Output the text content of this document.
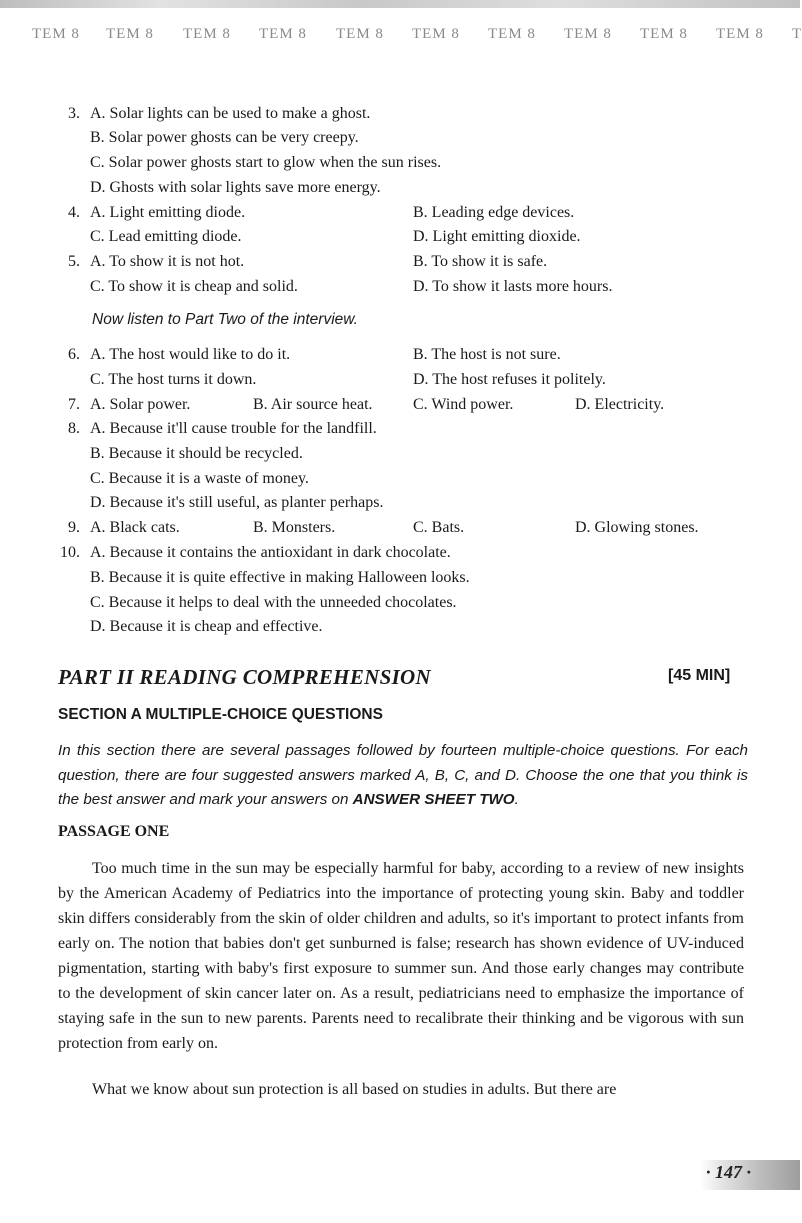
TEM 8 TEM 8 TEM 8 TEM 8 TEM 8 TEM 8 TEM 8 TEM 8 TEM 8 TEM 8 T
3. A. Solar lights can be used to make a ghost.
B. Solar power ghosts can be very creepy.
C. Solar power ghosts start to glow when the sun rises.
D. Ghosts with solar lights save more energy.
4. A. Light emitting diode.	B. Leading edge devices.
C. Lead emitting diode.	D. Light emitting dioxide.
5. A. To show it is not hot.	B. To show it is safe.
C. To show it is cheap and solid.	D. To show it lasts more hours.
Now listen to Part Two of the interview.
6. A. The host would like to do it.	B. The host is not sure.
C. The host turns it down.	D. The host refuses it politely.
7. A. Solar power.	B. Air source heat.	C. Wind power.	D. Electricity.
8. A. Because it'll cause trouble for the landfill.
B. Because it should be recycled.
C. Because it is a waste of money.
D. Because it's still useful, as planter perhaps.
9. A. Black cats.	B. Monsters.	C. Bats.	D. Glowing stones.
10. A. Because it contains the antioxidant in dark chocolate.
B. Because it is quite effective in making Halloween looks.
C. Because it helps to deal with the unneeded chocolates.
D. Because it is cheap and effective.
PART II READING COMPREHENSION	[45 MIN]
SECTION A MULTIPLE-CHOICE QUESTIONS
In this section there are several passages followed by fourteen multiple-choice questions. For each question, there are four suggested answers marked A, B, C, and D. Choose the one that you think is the best answer and mark your answers on ANSWER SHEET TWO.
PASSAGE ONE

Too much time in the sun may be especially harmful for baby, according to a review of new insights by the American Academy of Pediatrics into the importance of protecting young skin. Baby and toddler skin differs considerably from the skin of older children and adults, so it's important to protect infants from early on. The notion that babies don't get sunburned is false; research has shown evidence of UV-induced pigmentation, starting with baby's first exposure to summer sun. And those early changes may contribute to the development of skin cancer later on. As a result, pediatricians need to emphasize the importance of staying safe in the sun to new parents. Parents need to recalibrate their thinking and be vigorous with sun protection from early on.

What we know about sun protection is all based on studies in adults. But there are

· 147 ·
